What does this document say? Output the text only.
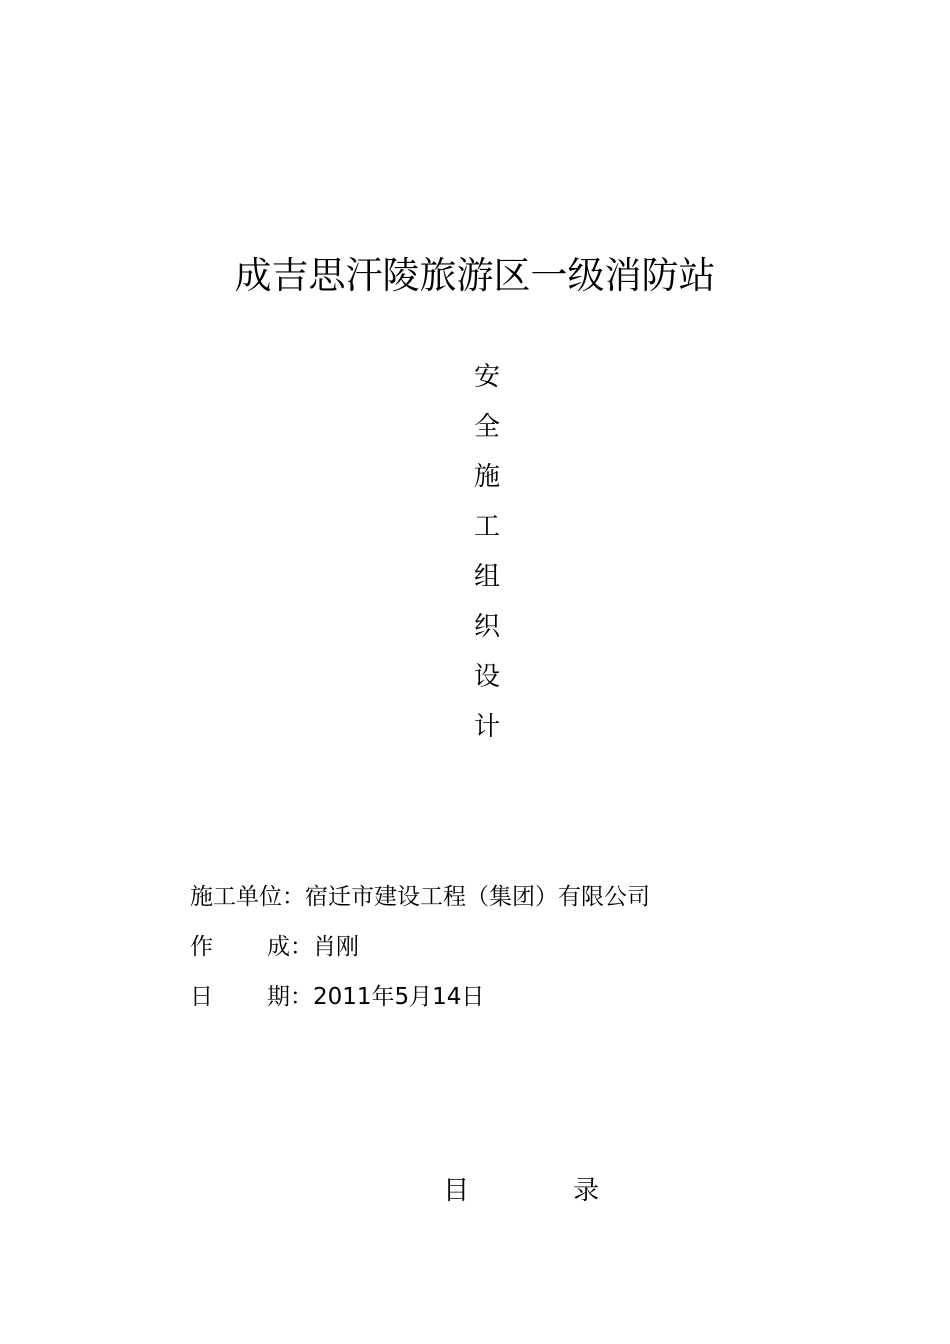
成吉思汗陵旅游区一级消防站
安
全
施
工
组
织
设
计
施工单位：宿迁市建设工程（集团）有限公司
作 成：肖刚
日 期：2011年5月14日

目	录
